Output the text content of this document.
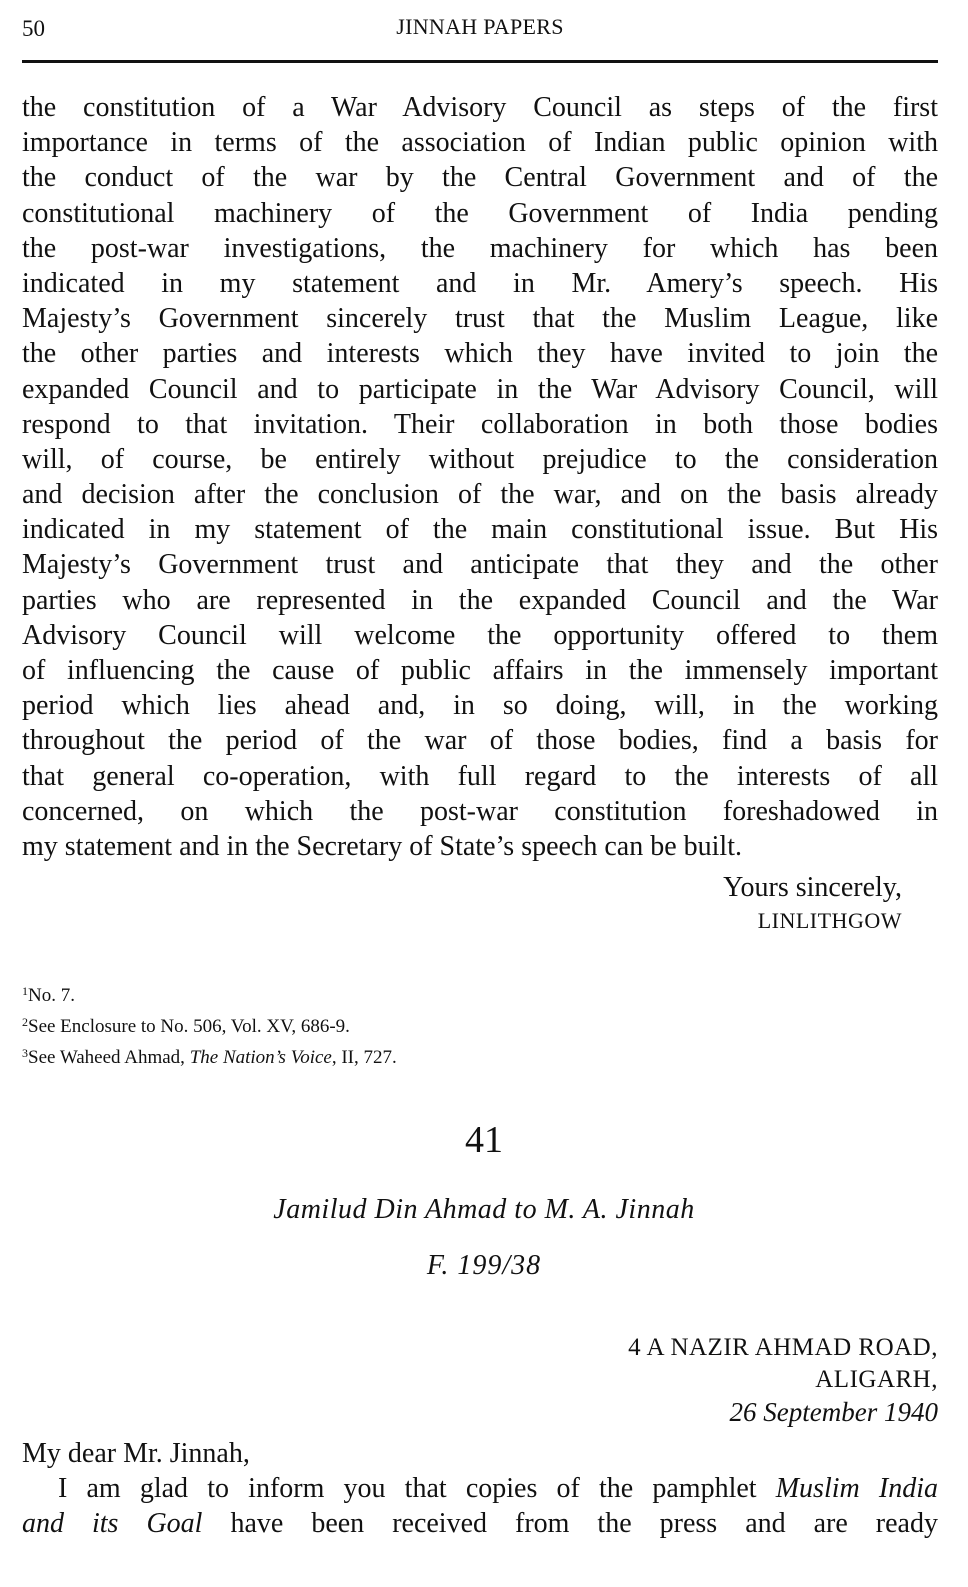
50	JINNAH PAPERS
the constitution of a War Advisory Council as steps of the first
importance in terms of the association of Indian public opinion with
the conduct of the war by the Central Government and of the
constitutional machinery of the Government of India pending
the post-war investigations, the machinery for which has been
indicated in my statement and in Mr. Amery’s speech. His
Majesty’s Government sincerely trust that the Muslim League, like
the other parties and interests which they have invited to join the
expanded Council and to participate in the War Advisory Council, will
respond to that invitation. Their collaboration in both those bodies
will, of course, be entirely without prejudice to the consideration
and decision after the conclusion of the war, and on the basis already
indicated in my statement of the main constitutional issue. But His
Majesty’s Government trust and anticipate that they and the other
parties who are represented in the expanded Council and the War
Advisory Council will welcome the opportunity offered to them
of influencing the cause of public affairs in the immensely important
period which lies ahead and, in so doing, will, in the working
throughout the period of the war of those bodies, find a basis for
that general co-operation, with full regard to the interests of all
concerned, on which the post-war constitution foreshadowed in
my statement and in the Secretary of State’s speech can be built.
Yours sincerely,
LINLITHGOW
$^1$No. 7.
$^2$See Enclosure to No. 506, Vol. XV, 686-9.
$^3$See Waheed Ahmad, The Nation’s Voice, II, 727.
41
Jamilud Din Ahmad to M. A. Jinnah
F. 199/38
4 A NAZIR AHMAD ROAD,
ALIGARH,
26 September 1940
My dear Mr. Jinnah,
I am glad to inform you that copies of the pamphlet Muslim India
and its Goal have been received from the press and are ready
